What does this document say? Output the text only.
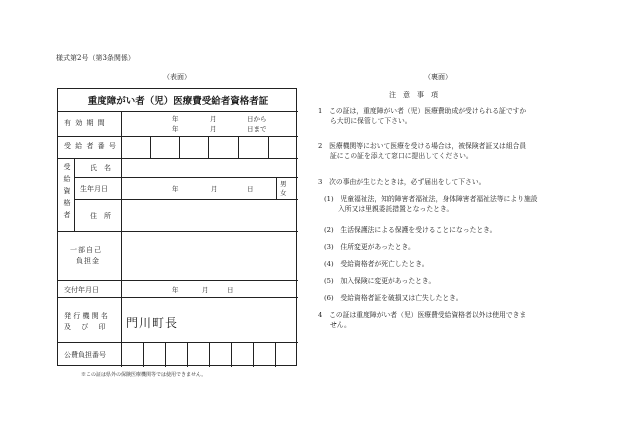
様式第2号（第3条関係）
（表面）	（裏面）
重度障がい者（児）医療費受給者資格者証
有 効 期 間	年	月	日から
年	月	日まで
受 給 者 番 号
受給資格者	氏　名
生年月日	年	月	日
男
女
住　所
一部自己
負担金
交付年月日	年	月	日
発 行 機 関 名
及 び 印 門川町長
公費負担番号
※この証は県外の保険医療機関等では使用できません。
注　意　事　項
1　この証は，重度障がい者（児）医療費助成が受けられる証ですか
ら大切に保管して下さい。
2　医療機関等において医療を受ける場合は，被保険者証又は組合員
証にこの証を添えて窓口に提出してください。
3　次の事由が生じたときは，必ず届出をして下さい。
(1)　児童福祉法，知的障害者福祉法，身体障害者福祉法等により施設
入所又は里親委託措置となったとき。
(2)　生活保護法による保護を受けることになったとき。
(3)　住所変更があったとき。
(4)　受給資格者が死亡したとき。
(5)　加入保険に変更があったとき。
(6)　受給資格者証を破損又は亡失したとき。
4　この証は重度障がい者（児）医療費受給資格者以外は使用できま
せん。
